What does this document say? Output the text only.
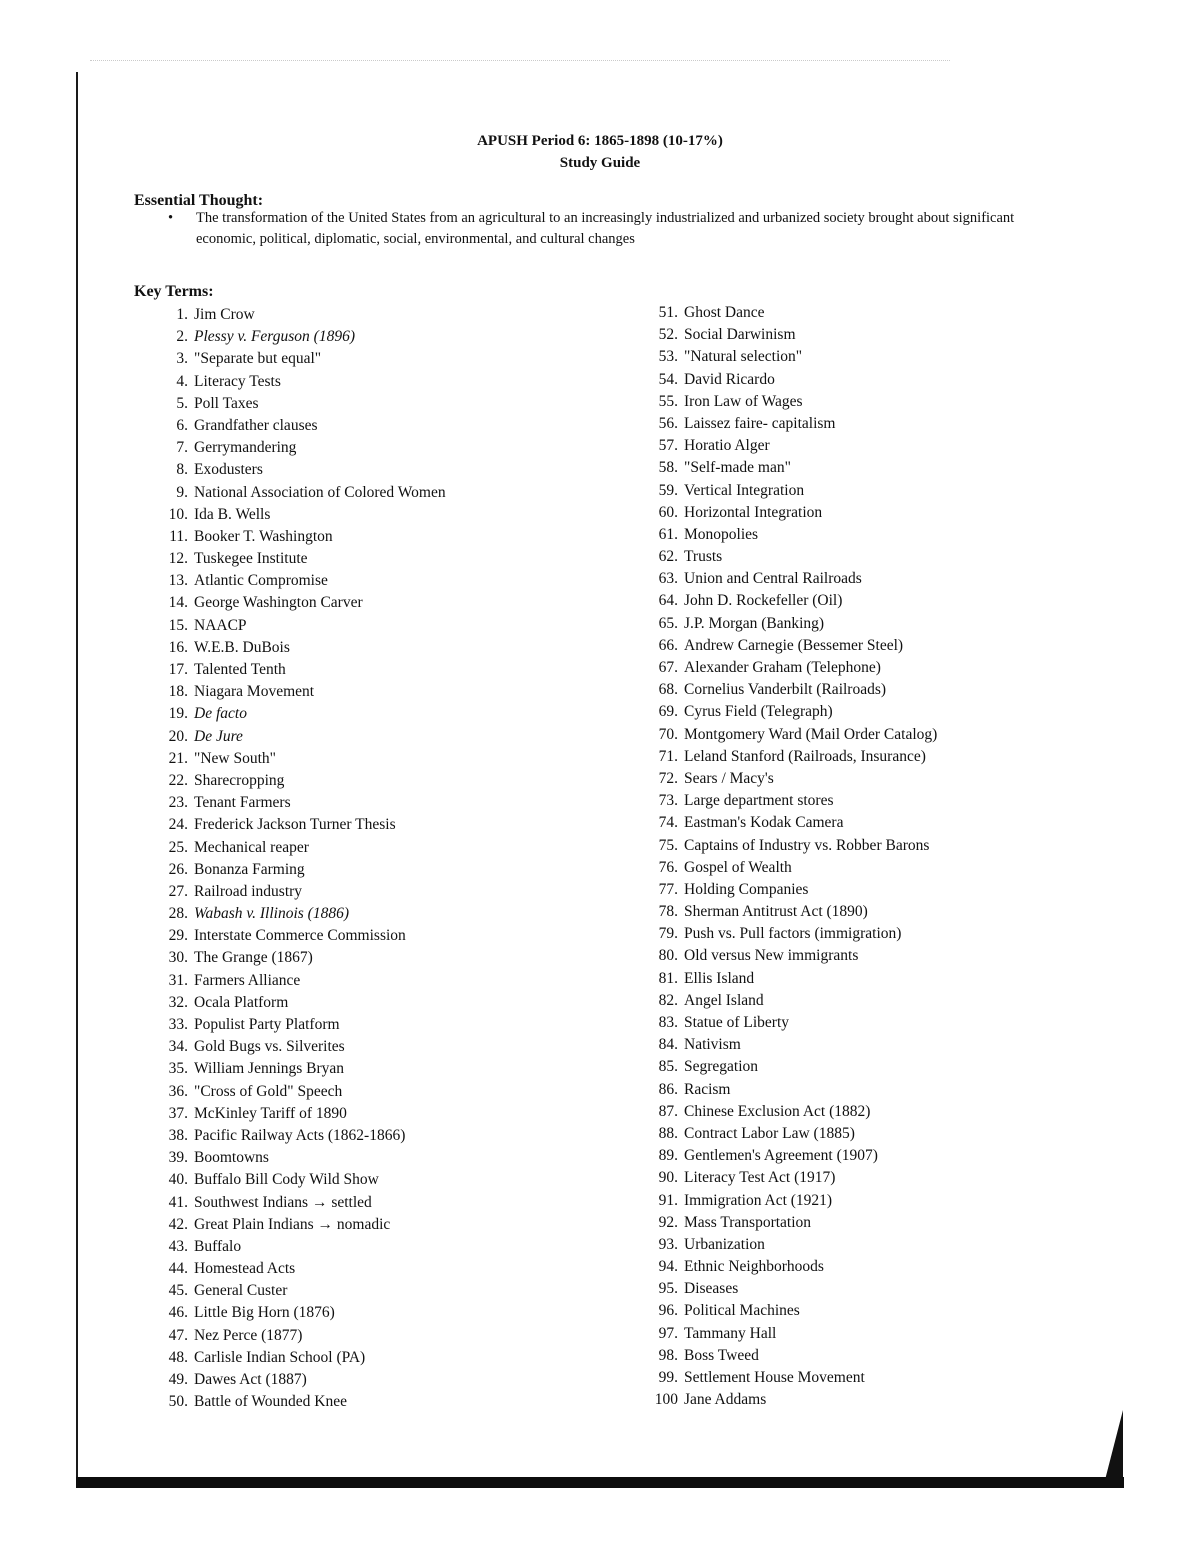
APUSH Period 6: 1865-1898 (10-17%)
Study Guide
Essential Thought:
• The transformation of the United States from an agricultural to an increasingly industrialized and urbanized society brought about significant economic, political, diplomatic, social, environmental, and cultural changes
Key Terms:
1. Jim Crow
2. Plessy v. Ferguson (1896)
3. "Separate but equal"
4. Literacy Tests
5. Poll Taxes
6. Grandfather clauses
7. Gerrymandering
8. Exodusters
9. National Association of Colored Women
10. Ida B. Wells
11. Booker T. Washington
12. Tuskegee Institute
13. Atlantic Compromise
14. George Washington Carver
15. NAACP
16. W.E.B. DuBois
17. Talented Tenth
18. Niagara Movement
19. De facto
20. De Jure
21. "New South"
22. Sharecropping
23. Tenant Farmers
24. Frederick Jackson Turner Thesis
25. Mechanical reaper
26. Bonanza Farming
27. Railroad industry
28. Wabash v. Illinois (1886)
29. Interstate Commerce Commission
30. The Grange (1867)
31. Farmers Alliance
32. Ocala Platform
33. Populist Party Platform
34. Gold Bugs vs. Silverites
35. William Jennings Bryan
36. "Cross of Gold" Speech
37. McKinley Tariff of 1890
38. Pacific Railway Acts (1862-1866)
39. Boomtowns
40. Buffalo Bill Cody Wild Show
41. Southwest Indians → settled
42. Great Plain Indians → nomadic
43. Buffalo
44. Homestead Acts
45. General Custer
46. Little Big Horn (1876)
47. Nez Perce (1877)
48. Carlisle Indian School (PA)
49. Dawes Act (1887)
50. Battle of Wounded Knee
51. Ghost Dance
52. Social Darwinism
53. "Natural selection"
54. David Ricardo
55. Iron Law of Wages
56. Laissez faire- capitalism
57. Horatio Alger
58. "Self-made man"
59. Vertical Integration
60. Horizontal Integration
61. Monopolies
62. Trusts
63. Union and Central Railroads
64. John D. Rockefeller (Oil)
65. J.P. Morgan (Banking)
66. Andrew Carnegie (Bessemer Steel)
67. Alexander Graham (Telephone)
68. Cornelius Vanderbilt (Railroads)
69. Cyrus Field (Telegraph)
70. Montgomery Ward (Mail Order Catalog)
71. Leland Stanford (Railroads, Insurance)
72. Sears / Macy's
73. Large department stores
74. Eastman's Kodak Camera
75. Captains of Industry vs. Robber Barons
76. Gospel of Wealth
77. Holding Companies
78. Sherman Antitrust Act (1890)
79. Push vs. Pull factors (immigration)
80. Old versus New immigrants
81. Ellis Island
82. Angel Island
83. Statue of Liberty
84. Nativism
85. Segregation
86. Racism
87. Chinese Exclusion Act (1882)
88. Contract Labor Law (1885)
89. Gentlemen's Agreement (1907)
90. Literacy Test Act (1917)
91. Immigration Act (1921)
92. Mass Transportation
93. Urbanization
94. Ethnic Neighborhoods
95. Diseases
96. Political Machines
97. Tammany Hall
98. Boss Tweed
99. Settlement House Movement
100 Jane Addams
